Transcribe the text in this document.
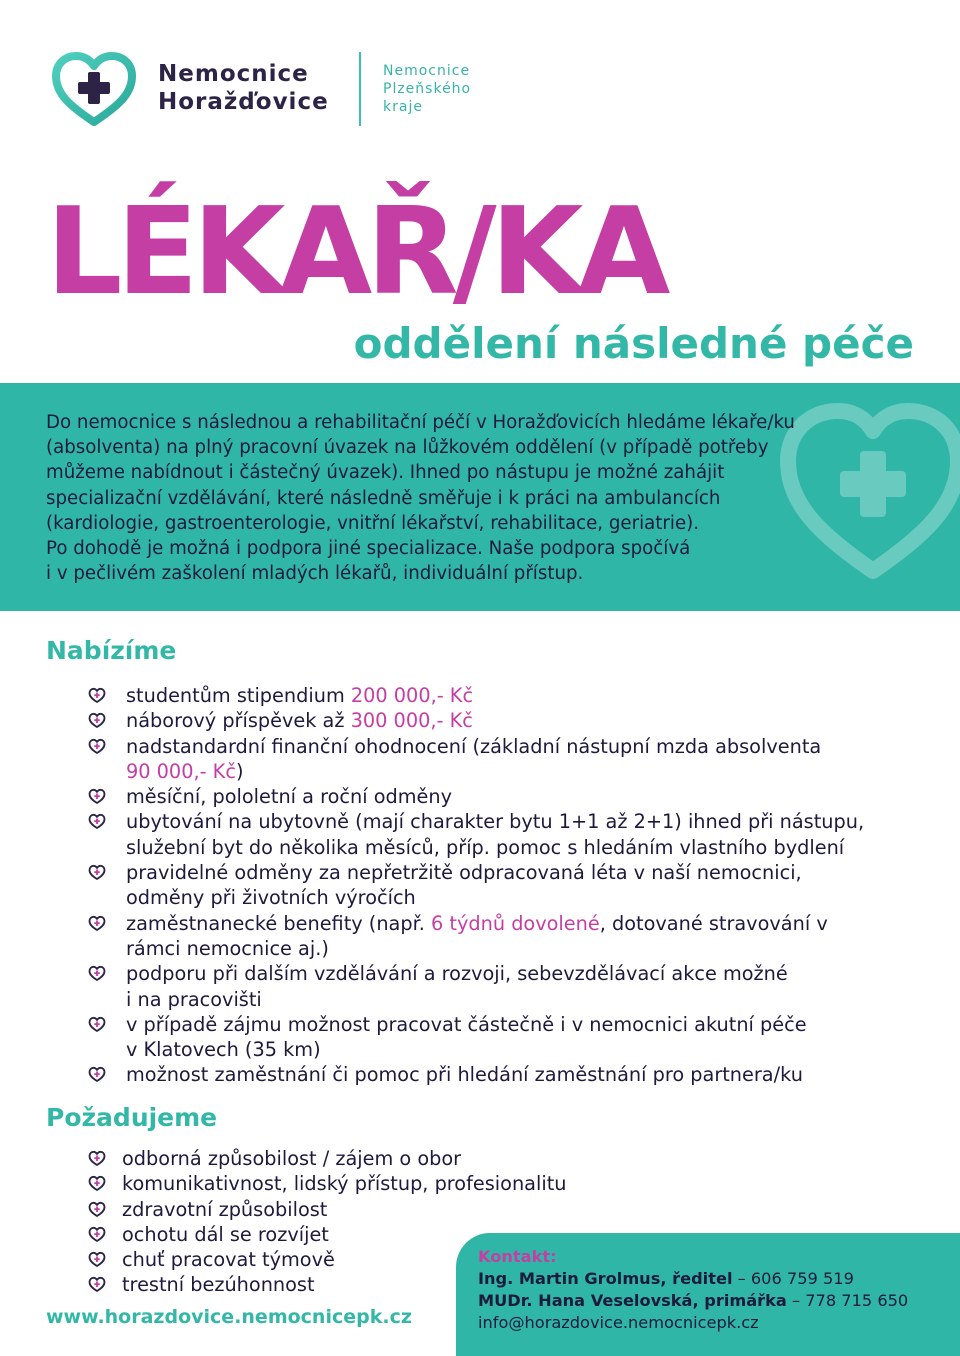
Nemocnice
Horažďovice
Nemocnice
Plzeňského
kraje
LÉKAŘ/KA
oddělení následné péče
Do nemocnice s následnou a rehabilitační péčí v Horažďovicích hledáme lékaře/ku
(absolventa) na plný pracovní úvazek na lůžkovém oddělení (v případě potřeby
můžeme nabídnout i částečný úvazek). Ihned po nástupu je možné zahájit
specializační vzdělávání, které následně směřuje i k práci na ambulancích
(kardiologie, gastroenterologie, vnitřní lékařství, rehabilitace, geriatrie).
Po dohodě je možná i podpora jiné specializace. Naše podpora spočívá
i v pečlivém zaškolení mladých lékařů, individuální přístup.
Nabízíme
studentům stipendium 200 000,- Kč
náborový příspěvek až 300 000,- Kč
nadstandardní finanční ohodnocení (základní nástupní mzda absolventa
90 000,- Kč)
měsíční, pololetní a roční odměny
ubytování na ubytovně (mají charakter bytu 1+1 až 2+1) ihned při nástupu,
služební byt do několika měsíců, příp. pomoc s hledáním vlastního bydlení
pravidelné odměny za nepřetržitě odpracovaná léta v naší nemocnici,
odměny při životních výročích
zaměstnanecké benefity (např. 6 týdnů dovolené, dotované stravování v
rámci nemocnice aj.)
podporu při dalším vzdělávání a rozvoji, sebevzdělávací akce možné
i na pracovišti
v případě zájmu možnost pracovat částečně i v nemocnici akutní péče
v Klatovech (35 km)
možnost zaměstnání či pomoc při hledání zaměstnání pro partnera/ku
Požadujeme
odborná způsobilost / zájem o obor
komunikativnost, lidský přístup, profesionalitu
zdravotní způsobilost
ochotu dál se rozvíjet
chuť pracovat týmově
trestní bezúhonnost
www.horazdovice.nemocnicepk.cz
Kontakt:
Ing. Martin Grolmus, ředitel – 606 759 519
MUDr. Hana Veselovská, primářka – 778 715 650
info@horazdovice.nemocnicepk.cz
